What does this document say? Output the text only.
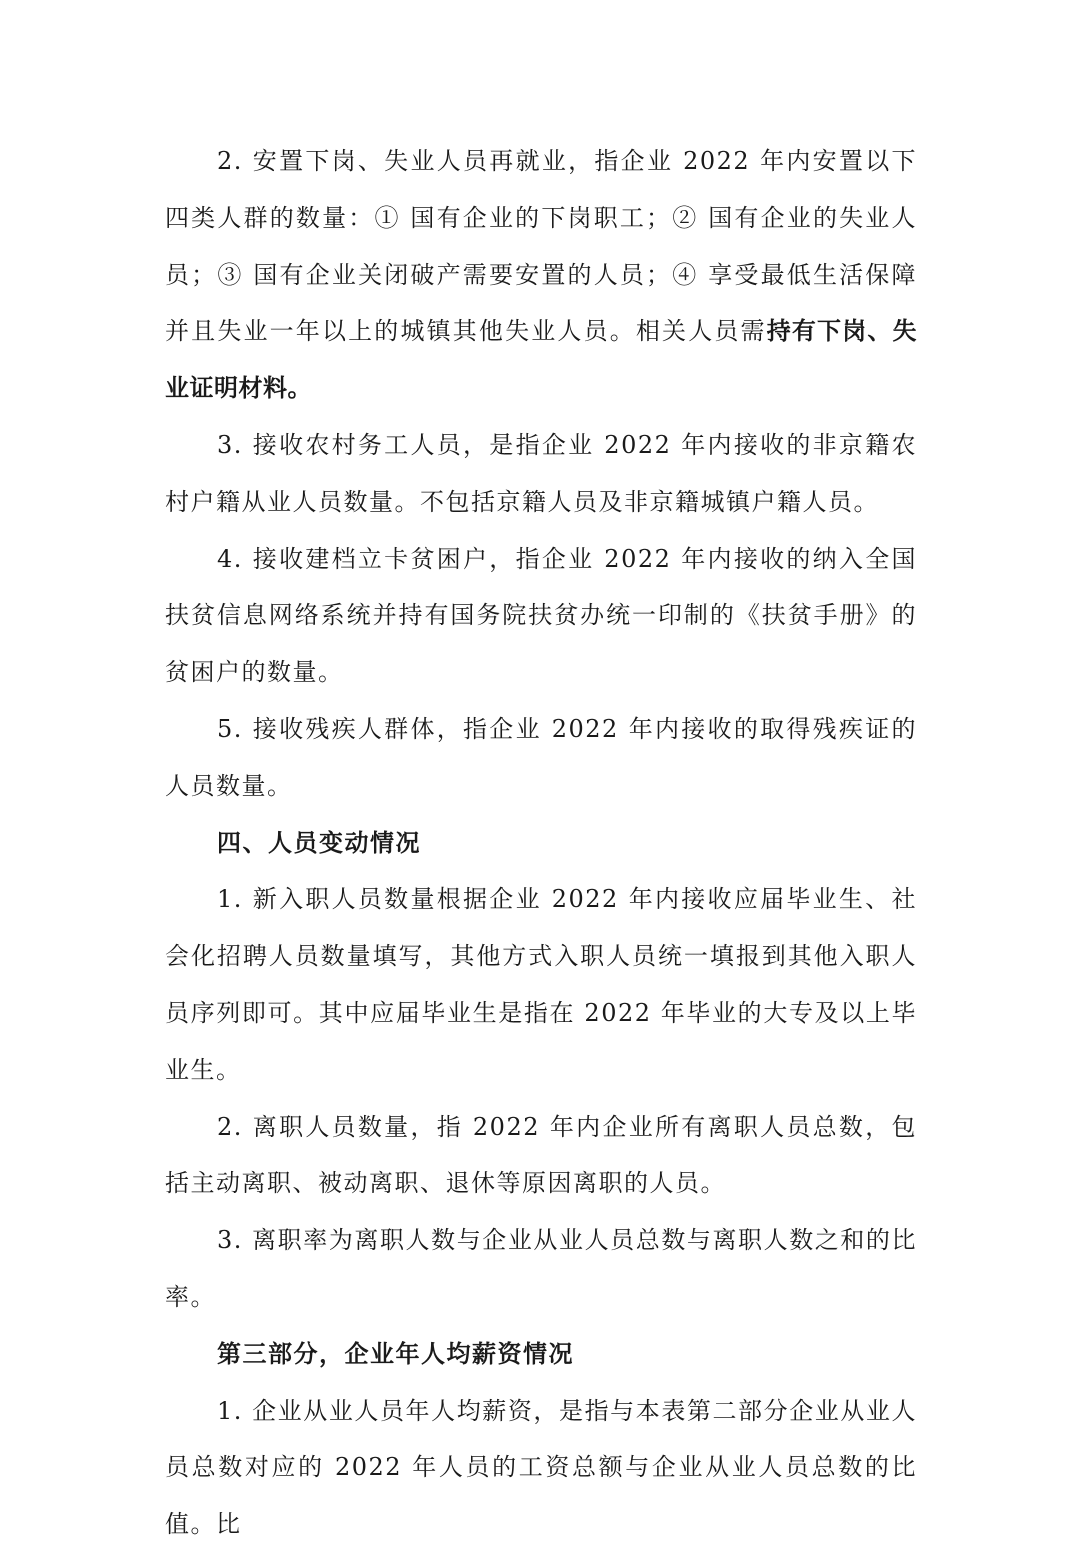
2. 安置下岗、失业人员再就业，指企业 2022 年内安置以下四类人群的数量：① 国有企业的下岗职工；② 国有企业的失业人员；③ 国有企业关闭破产需要安置的人员；④ 享受最低生活保障并且失业一年以上的城镇其他失业人员。相关人员需持有下岗、失业证明材料。

3. 接收农村务工人员，是指企业 2022 年内接收的非京籍农村户籍从业人员数量。不包括京籍人员及非京籍城镇户籍人员。

4. 接收建档立卡贫困户，指企业 2022 年内接收的纳入全国扶贫信息网络系统并持有国务院扶贫办统一印制的《扶贫手册》的贫困户的数量。

5. 接收残疾人群体，指企业 2022 年内接收的取得残疾证的人员数量。

四、人员变动情况

1. 新入职人员数量根据企业 2022 年内接收应届毕业生、社会化招聘人员数量填写，其他方式入职人员统一填报到其他入职人员序列即可。其中应届毕业生是指在 2022 年毕业的大专及以上毕业生。

2. 离职人员数量，指 2022 年内企业所有离职人员总数，包括主动离职、被动离职、退休等原因离职的人员。

3. 离职率为离职人数与企业从业人员总数与离职人数之和的比率。

第三部分，企业年人均薪资情况

1. 企业从业人员年人均薪资，是指与本表第二部分企业从业人员总数对应的 2022 年人员的工资总额与企业从业人员总数的比值。比
